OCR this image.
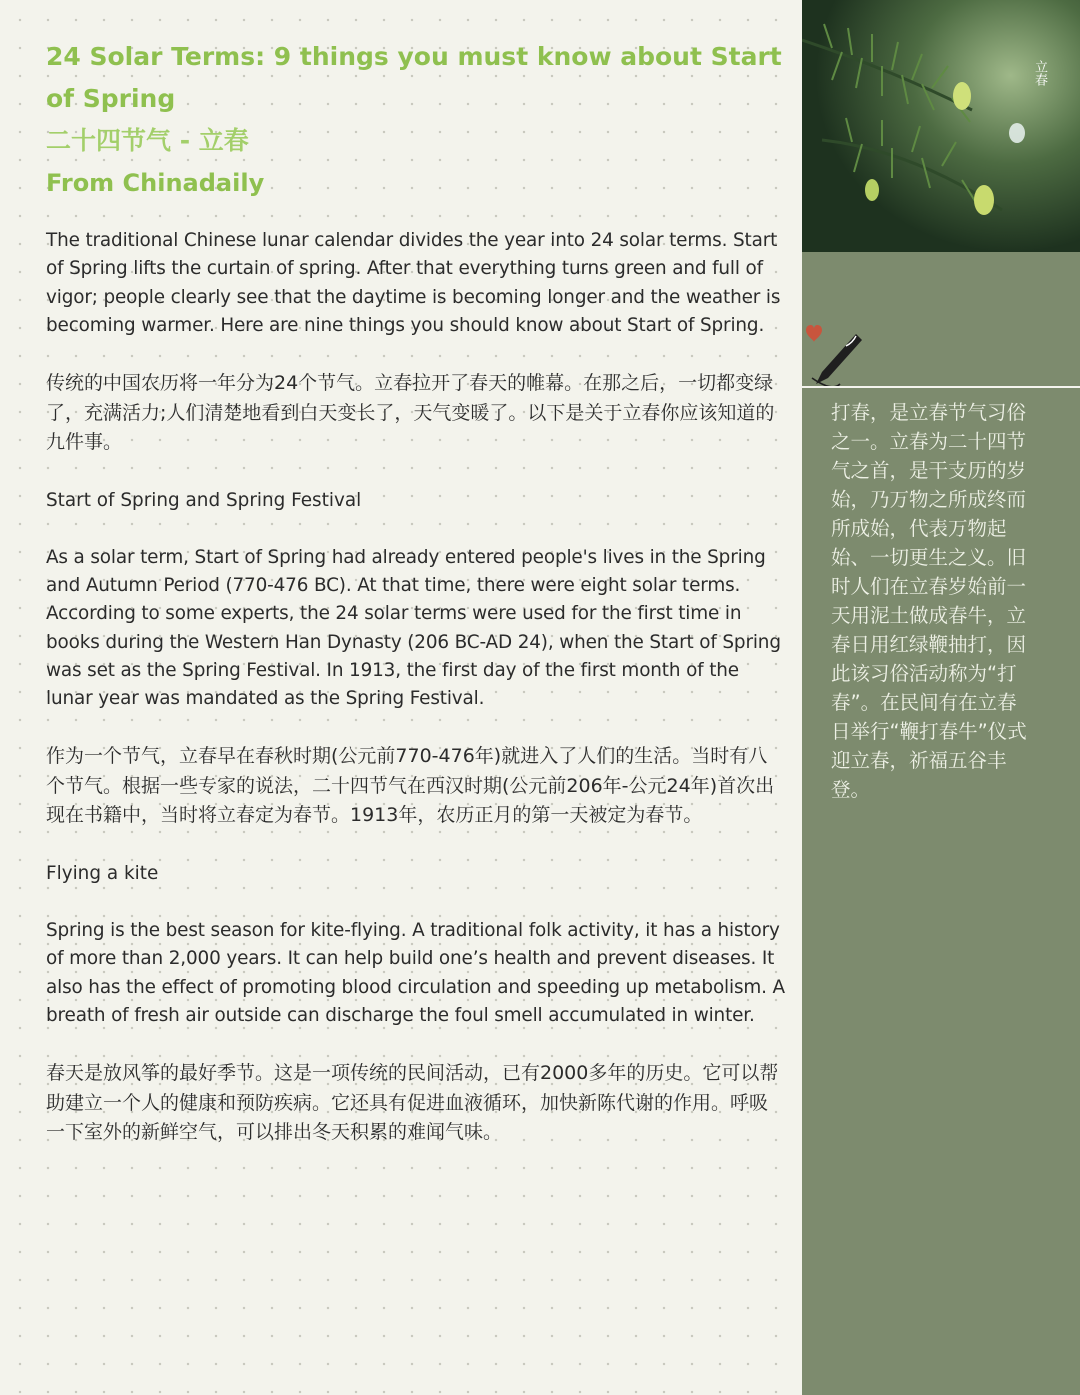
24 Solar Terms: 9 things you must know about Start of Spring
二十四节气 - 立春
From Chinadaily

The traditional Chinese lunar calendar divides the year into 24 solar terms. Start of Spring lifts the curtain of spring. After that everything turns green and full of vigor; people clearly see that the daytime is becoming longer and the weather is becoming warmer. Here are nine things you should know about Start of Spring.

传统的中国农历将一年分为24个节气。立春拉开了春天的帷幕。在那之后，一切都变绿了，充满活力;人们清楚地看到白天变长了，天气变暖了。以下是关于立春你应该知道的九件事。

Start of Spring and Spring Festival

As a solar term, Start of Spring had already entered people's lives in the Spring and Autumn Period (770-476 BC). At that time, there were eight solar terms. According to some experts, the 24 solar terms were used for the first time in books during the Western Han Dynasty (206 BC-AD 24), when the Start of Spring was set as the Spring Festival. In 1913, the first day of the first month of the lunar year was mandated as the Spring Festival.

作为一个节气，立春早在春秋时期(公元前770-476年)就进入了人们的生活。当时有八个节气。根据一些专家的说法，二十四节气在西汉时期(公元前206年-公元24年)首次出现在书籍中，当时将立春定为春节。1913年，农历正月的第一天被定为春节。

Flying a kite

Spring is the best season for kite-flying. A traditional folk activity, it has a history of more than 2,000 years. It can help build one’s health and prevent diseases. It also has the effect of promoting blood circulation and speeding up metabolism. A breath of fresh air outside can discharge the foul smell accumulated in winter.

春天是放风筝的最好季节。这是一项传统的民间活动，已有2000多年的历史。它可以帮助建立一个人的健康和预防疾病。它还具有促进血液循环，加快新陈代谢的作用。呼吸一下室外的新鲜空气，可以排出冬天积累的难闻气味。

立春

打春，是立春节气习俗之一。立春为二十四节气之首，是干支历的岁始，乃万物之所成终而所成始，代表万物起始、一切更生之义。旧时人们在立春岁始前一天用泥土做成春牛，立春日用红绿鞭抽打，因此该习俗活动称为“打春”。在民间有在立春日举行“鞭打春牛”仪式迎立春，祈福五谷丰登。
